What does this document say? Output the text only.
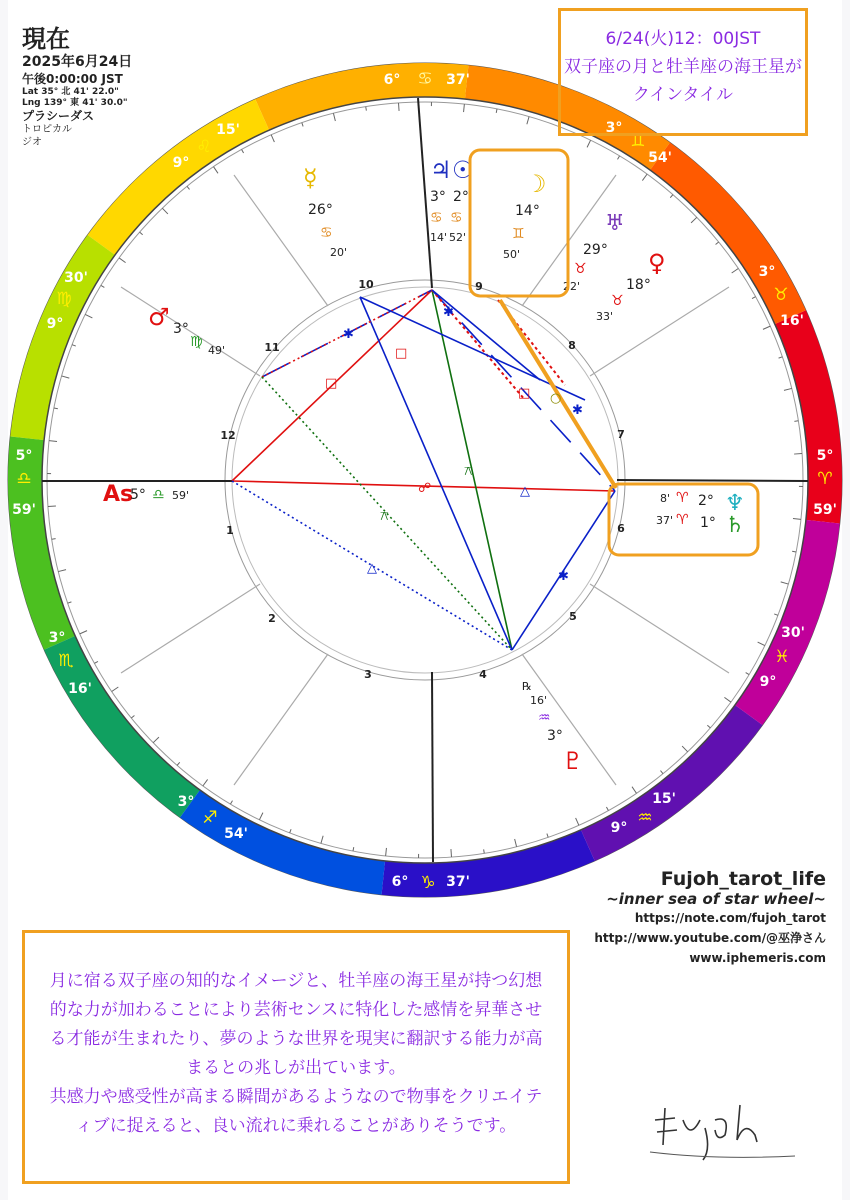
現在
2025年6月24日
午後0:00:00 JST
Lat 35° 北 41' 22.0"
Lng 139° 東 41' 30.0"
プラシーダス
トロピカル
ジオ
□
□
□
✱
✱
✱
✱
☍
⚻
⚻
△
△
○
1
2
3	4
5
6
7
8
9
10
11
12
6° ♋ 37'
6° ♑ 37'
5°
♎
59'
5°
♈
59'
15'
♌
9°
30'
♍
9°
3°
♏
16'
3°
♐
54'
15'
♒
9°
30'
♓
9°
3°
♉
16'
3°
♊
54'
As
5° ♎ 59'
♃
3°
♋
14'
☉
2°
♋
52'
☽
14°
♊
50'
☿
26°
♋
20'
♅
29°
♉
22'
♀
18°
♉
33'
♂ 3°
♍
49'
♆
2°
♈
8'
♄
1°
♈
37'
℞
16'
♒
3°
♇
6/24(火)12：00JST
双子座の月と牡羊座の海王星が
クインタイル
Fujoh_tarot_life
~inner sea of star wheel~
https://note.com/fujoh_tarot
http://www.youtube.com/@巫浄さん
www.iphemeris.com
月に宿る双子座の知的なイメージと、牡羊座の海王星が持つ幻想的な力が加わることにより芸術センスに特化した感情を昇華させる才能が生まれたり、夢のような世界を現実に翻訳する能力が高まるとの兆しが出ています。
共感力や感受性が高まる瞬間があるようなので物事をクリエイティブに捉えると、良い流れに乗れることがありそうです。
